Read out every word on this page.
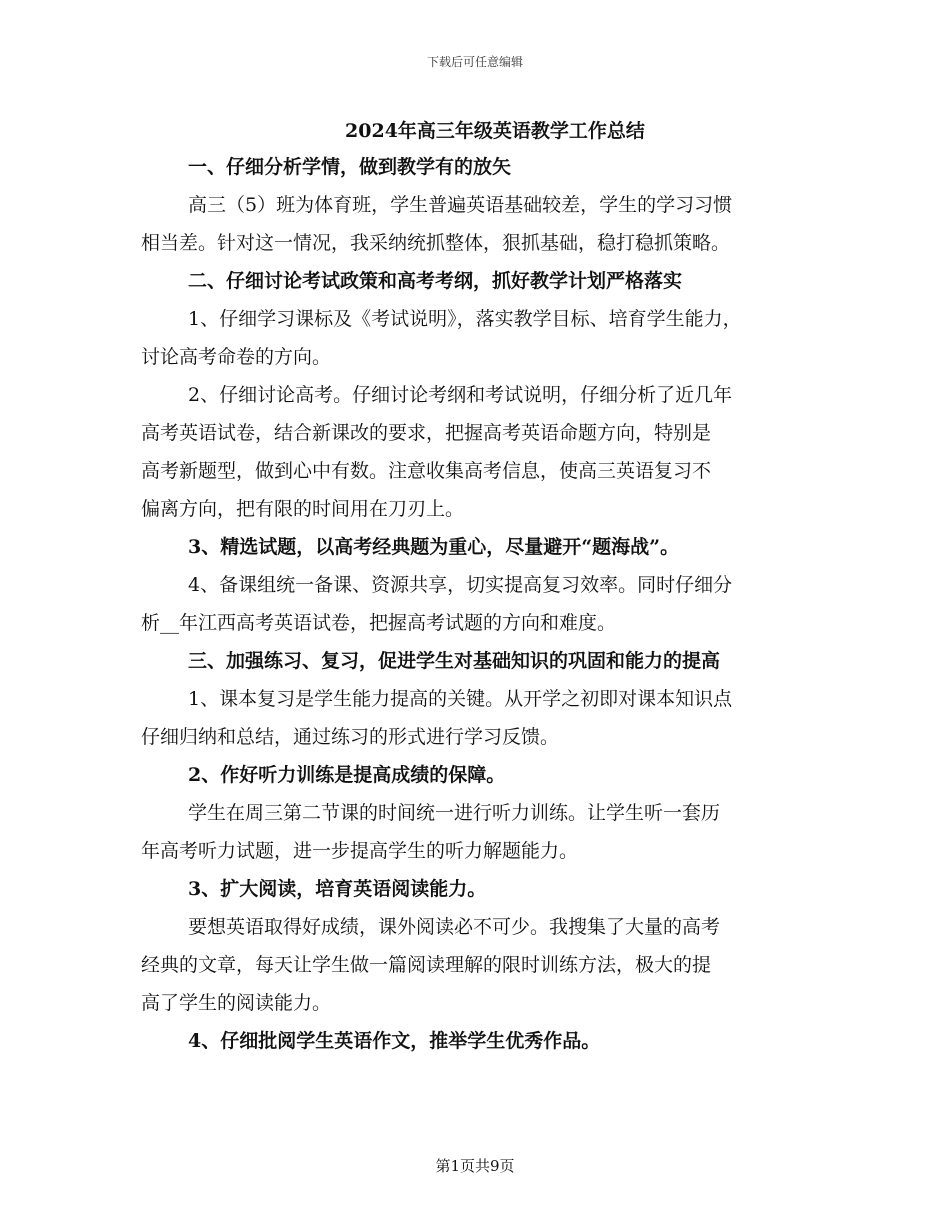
下载后可任意编辑
2024年高三年级英语教学工作总结
一、仔细分析学情，做到教学有的放矢
高三（5）班为体育班，学生普遍英语基础较差，学生的学习习惯
相当差。针对这一情况，我采纳统抓整体，狠抓基础，稳打稳抓策略。
二、仔细讨论考试政策和高考考纲，抓好教学计划严格落实
1、仔细学习课标及《考试说明》，落实教学目标、培育学生能力，
讨论高考命卷的方向。
2、仔细讨论高考。仔细讨论考纲和考试说明，仔细分析了近几年
高考英语试卷，结合新课改的要求，把握高考英语命题方向，特别是
高考新题型，做到心中有数。注意收集高考信息，使高三英语复习不
偏离方向，把有限的时间用在刀刃上。
3、精选试题，以高考经典题为重心，尽量避开“题海战”。
4、备课组统一备课、资源共享，切实提高复习效率。同时仔细分
析__年江西高考英语试卷，把握高考试题的方向和难度。
三、加强练习、复习，促进学生对基础知识的巩固和能力的提高
1、课本复习是学生能力提高的关键。从开学之初即对课本知识点
仔细归纳和总结，通过练习的形式进行学习反馈。
2、作好听力训练是提高成绩的保障。
学生在周三第二节课的时间统一进行听力训练。让学生听一套历
年高考听力试题，进一步提高学生的听力解题能力。
3、扩大阅读，培育英语阅读能力。
要想英语取得好成绩，课外阅读必不可少。我搜集了大量的高考
经典的文章，每天让学生做一篇阅读理解的限时训练方法，极大的提
高了学生的阅读能力。
4、仔细批阅学生英语作文，推举学生优秀作品。
第1页共9页
